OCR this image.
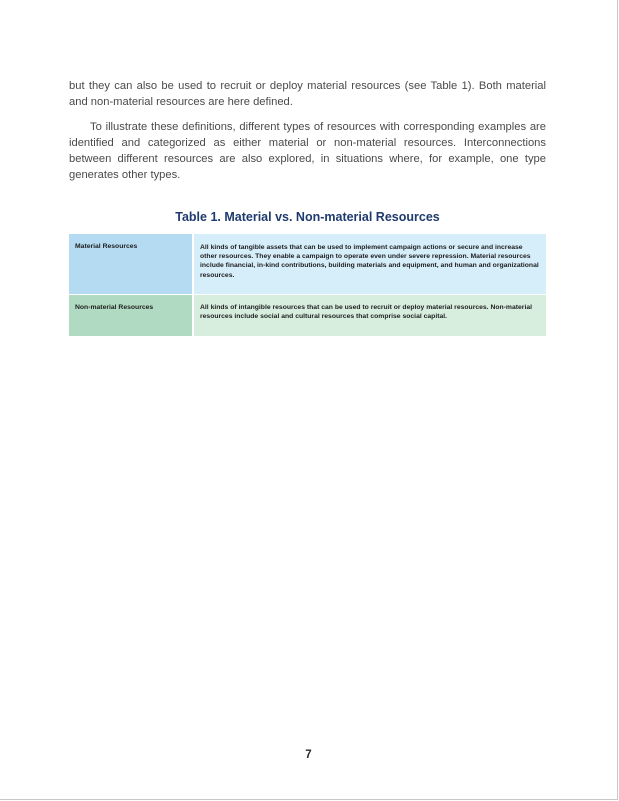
but they can also be used to recruit or deploy material resources (see Table 1). Both material and non-material resources are here defined.

To illustrate these definitions, different types of resources with corresponding examples are identified and categorized as either material or non-material resources. Interconnections between different resources are also explored, in situations where, for example, one type generates other types.

Table 1. Material vs. Non-material Resources
Material Resources	All kinds of tangible assets that can be used to implement campaign actions or secure and increase other resources. They enable a campaign to operate even under severe repression. Material resources include financial, in-kind contributions, building materials and equipment, and human and organizational resources.
Non-material Resources	All kinds of intangible resources that can be used to recruit or deploy material resources. Non-material resources include social and cultural resources that comprise social capital.
7
